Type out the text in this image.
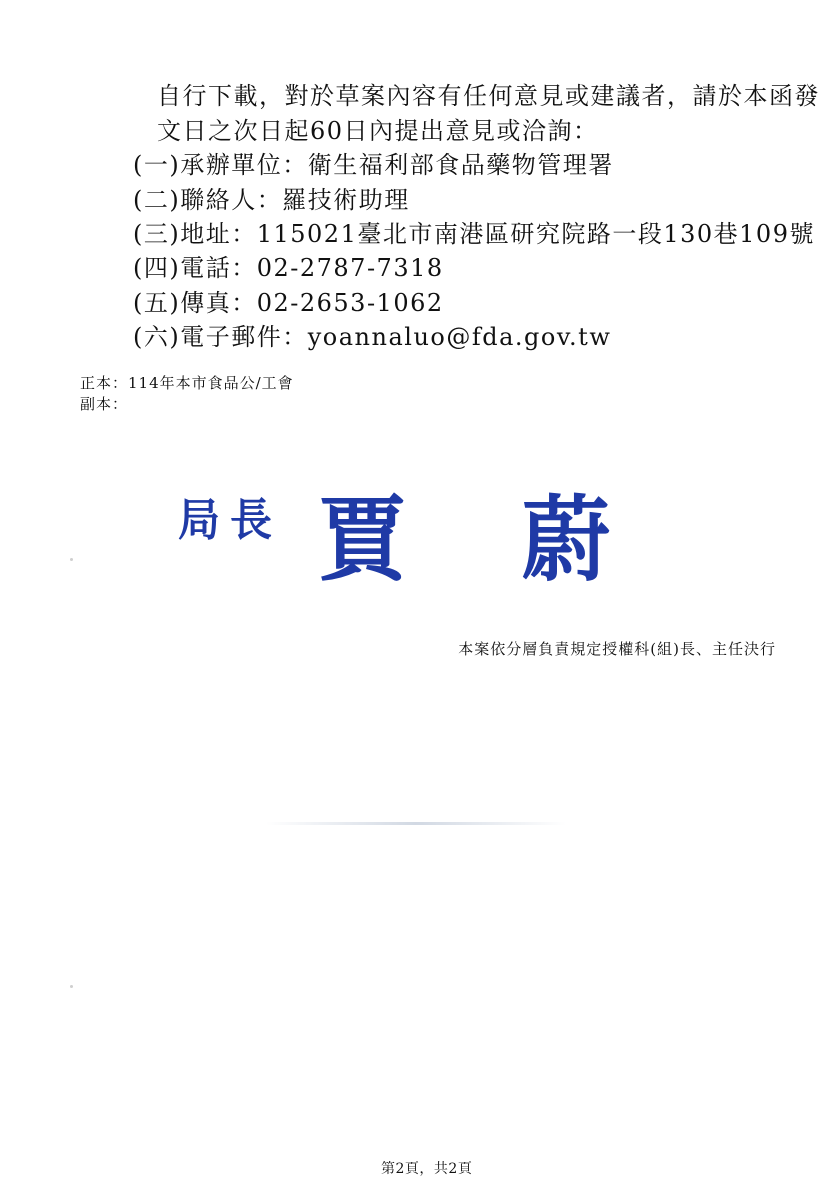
自行下載，對於草案內容有任何意見或建議者，請於本函發
文日之次日起60日內提出意見或洽詢：
(一)承辦單位：衛生福利部食品藥物管理署
(二)聯絡人：羅技術助理
(三)地址：115021臺北市南港區研究院路一段130巷109號
(四)電話：02-2787-7318
(五)傳真：02-2653-1062
(六)電子郵件：yoannaluo@fda.gov.tw
正本：114年本市食品公/工會
副本：
局長 賈 蔚
本案依分層負責規定授權科(組)長、主任決行
第2頁，共2頁
